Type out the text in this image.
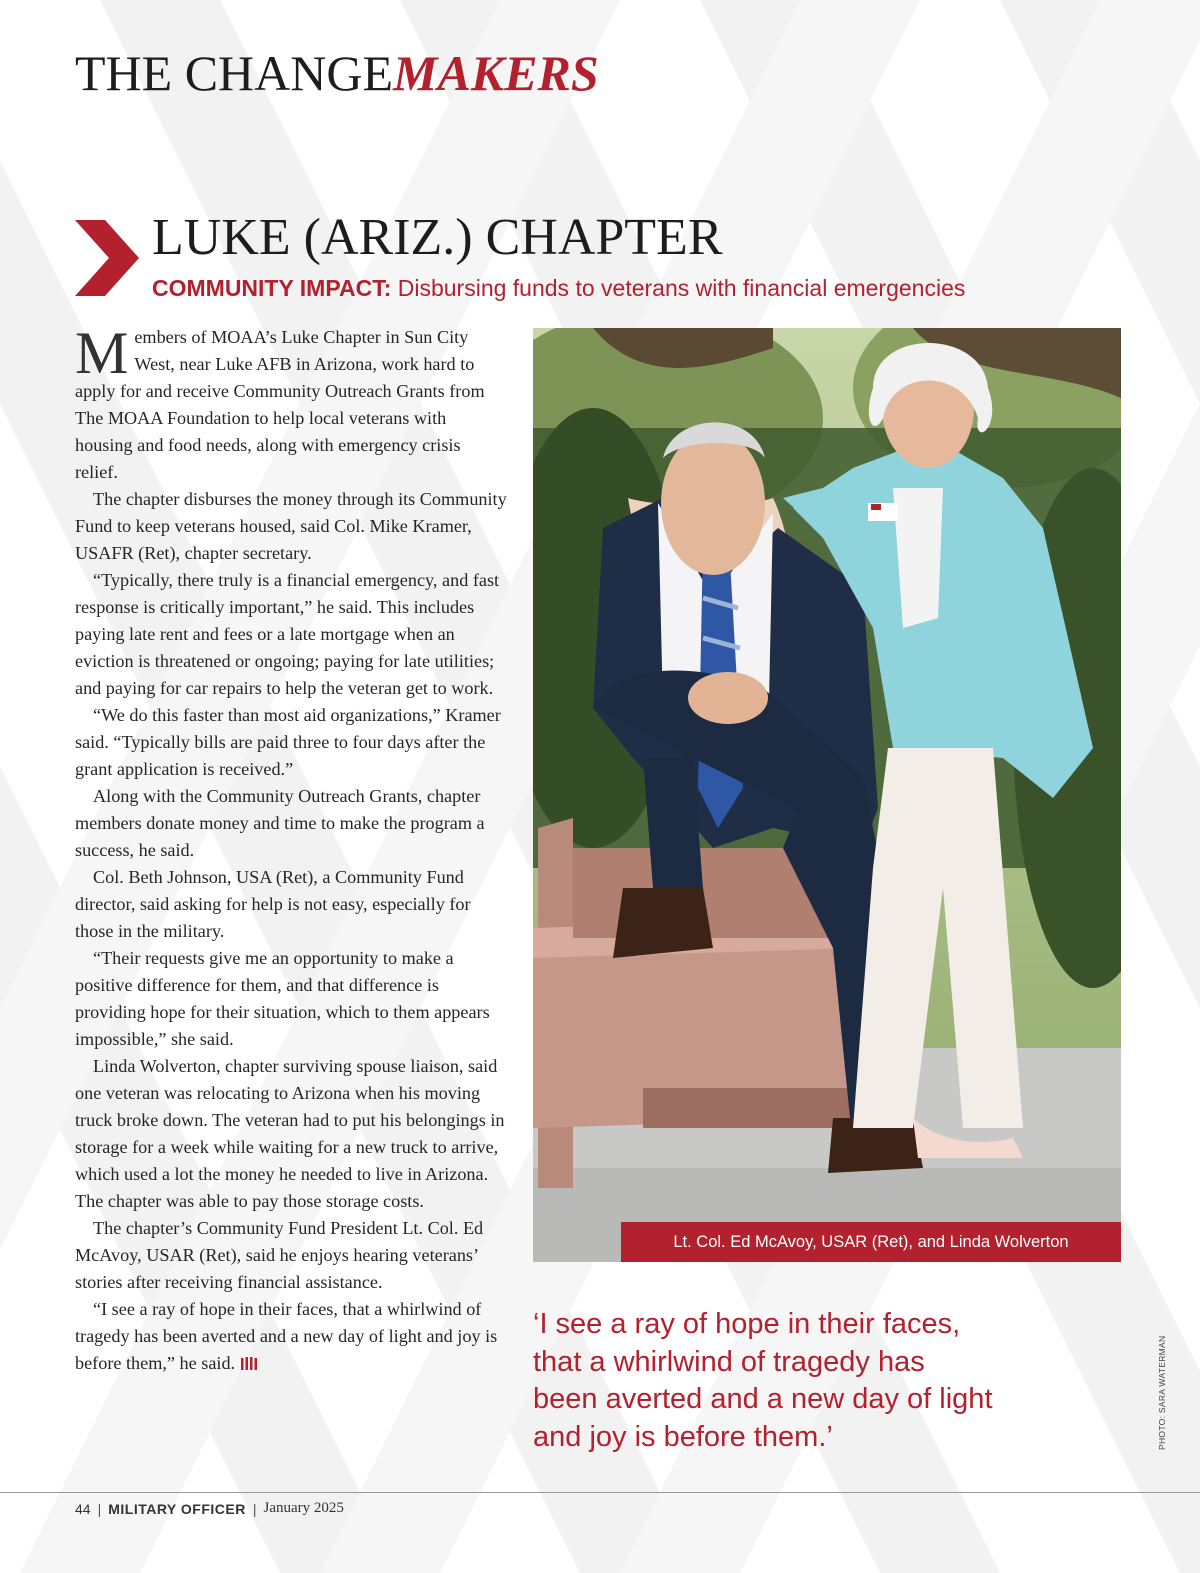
THE CHANGEMAKERS
LUKE (ARIZ.) CHAPTER
COMMUNITY IMPACT: Disbursing funds to veterans with financial emergencies

Members of MOAA’s Luke Chapter in Sun City West, near Luke AFB in Arizona, work hard to apply for and receive Community Outreach Grants from The MOAA Foundation to help local veterans with housing and food needs, along with emergency crisis relief.

The chapter disburses the money through its Community Fund to keep veterans housed, said Col. Mike Kramer, USAFR (Ret), chapter secretary.

“Typically, there truly is a financial emergency, and fast response is critically important,” he said. This includes paying late rent and fees or a late mortgage when an eviction is threatened or ongoing; paying for late utilities; and paying for car repairs to help the veteran get to work.

“We do this faster than most aid organizations,” Kramer said. “Typically bills are paid three to four days after the grant application is received.”

Along with the Community Outreach Grants, chapter members donate money and time to make the program a success, he said.

Col. Beth Johnson, USA (Ret), a Community Fund director, said asking for help is not easy, especially for those in the military.

“Their requests give me an opportunity to make a positive difference for them, and that difference is providing hope for their situation, which to them appears impossible,” she said.

Linda Wolverton, chapter surviving spouse liaison, said one veteran was relocating to Arizona when his moving truck broke down. The veteran had to put his belongings in storage for a week while waiting for a new truck to arrive, which used a lot the money he needed to live in Arizona. The chapter was able to pay those storage costs.

The chapter’s Community Fund President Lt. Col. Ed McAvoy, USAR (Ret), said he enjoys hearing veterans’ stories after receiving financial assistance.

“I see a ray of hope in their faces, that a whirlwind of tragedy has been averted and a new day of light and joy is before them,” he said.

Lt. Col. Ed McAvoy, USAR (Ret), and Linda Wolverton
‘I see a ray of hope in their faces, that a whirlwind of tragedy has been averted and a new day of light and joy is before them.’	PHOTO: SARA WATERMAN
44 | MILITARY OFFICER | January 2025
